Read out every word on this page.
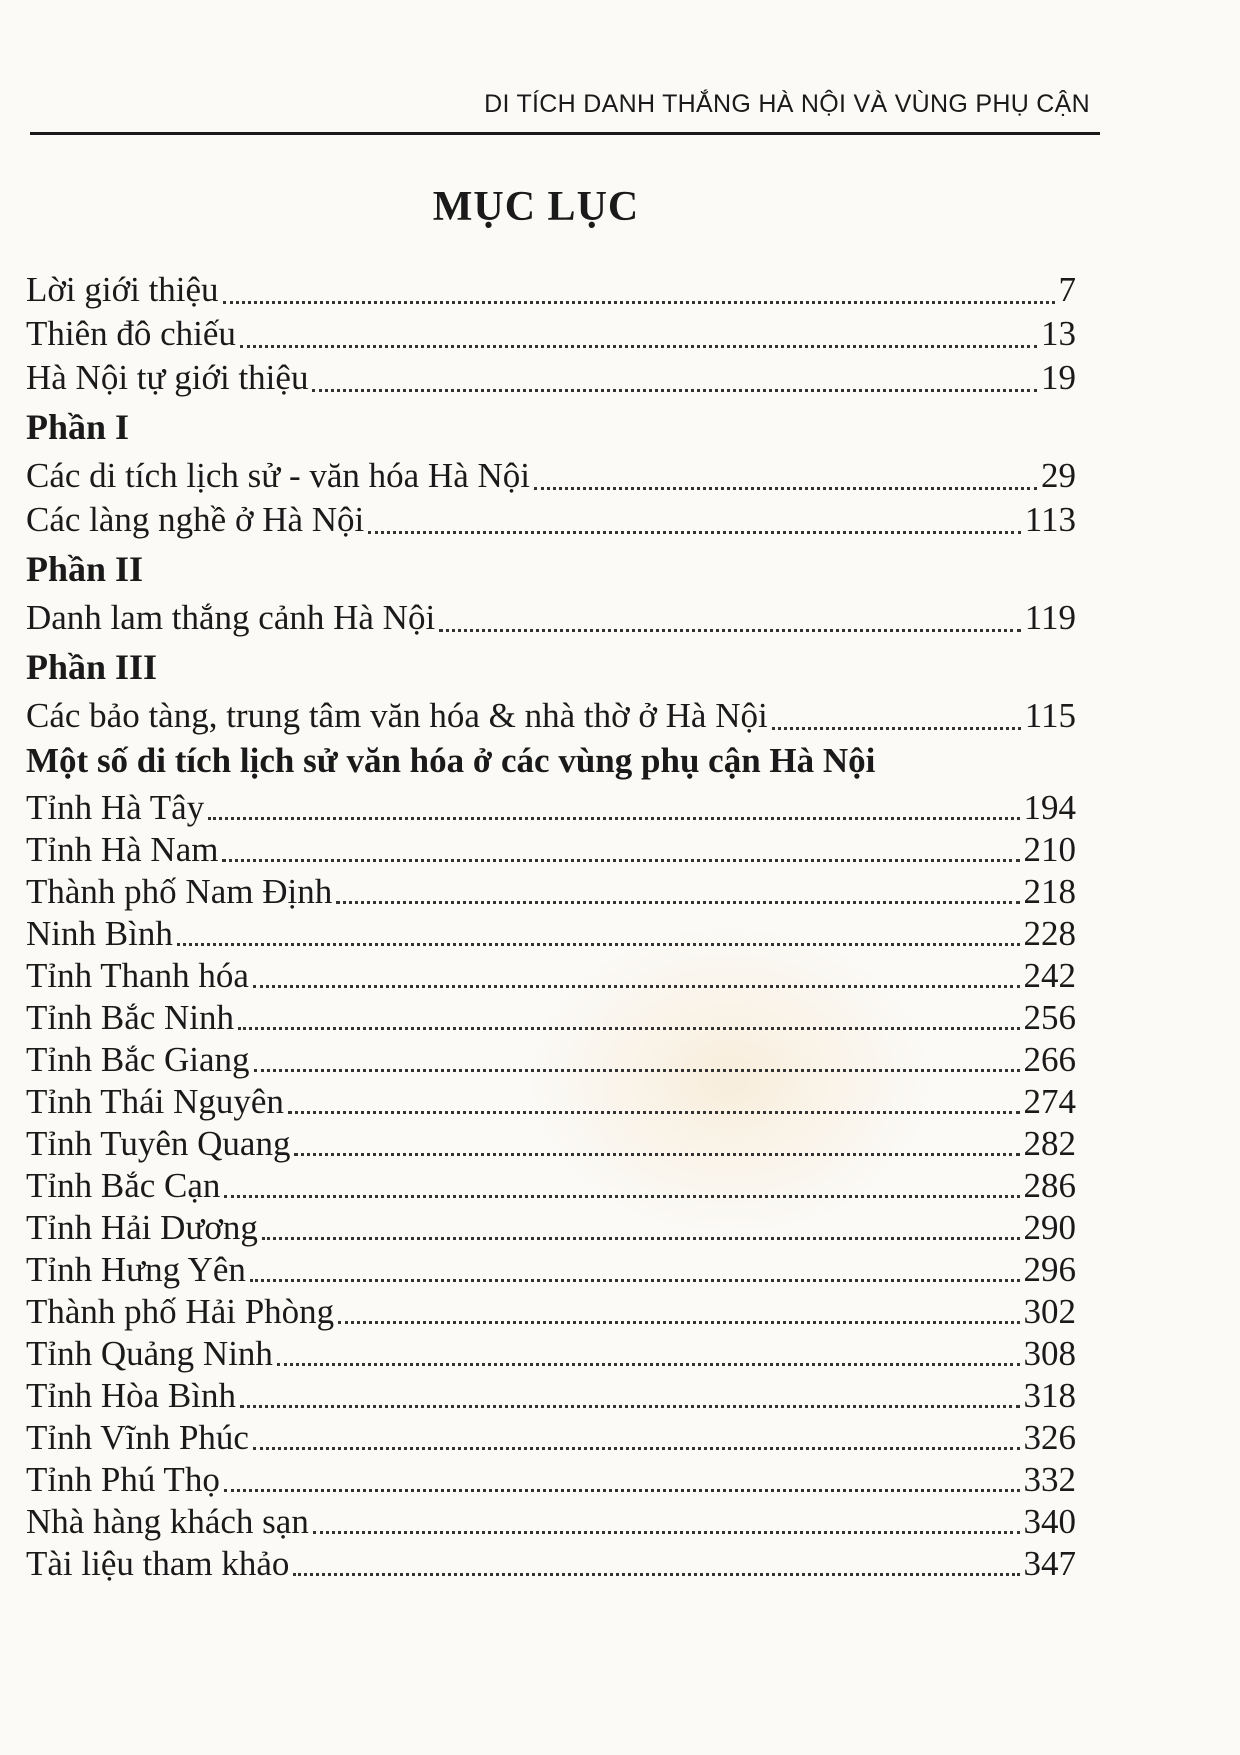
DI TÍCH DANH THẮNG HÀ NỘI VÀ VÙNG PHỤ CẬN
MỤC LỤC
Lời giới thiệu	7
Thiên đô chiếu	13
Hà Nội tự giới thiệu	19
Phần I
Các di tích lịch sử - văn hóa Hà Nội	29
Các làng nghề ở Hà Nội	113
Phần II
Danh lam thắng cảnh Hà Nội	119
Phần III
Các bảo tàng, trung tâm văn hóa & nhà thờ ở Hà Nội	115
Một số di tích lịch sử văn hóa ở các vùng phụ cận Hà Nội
Tỉnh Hà Tây	194
Tỉnh Hà Nam	210
Thành phố Nam Định	218
Ninh Bình	228
Tỉnh Thanh hóa	242
Tỉnh Bắc Ninh	256
Tỉnh Bắc Giang	266
Tỉnh Thái Nguyên	274
Tỉnh Tuyên Quang	282
Tỉnh Bắc Cạn	286
Tỉnh Hải Dương	290
Tỉnh Hưng Yên	296
Thành phố Hải Phòng	302
Tỉnh Quảng Ninh	308
Tỉnh Hòa Bình	318
Tỉnh Vĩnh Phúc	326
Tỉnh Phú Thọ	332
Nhà hàng khách sạn	340
Tài liệu tham khảo	347
